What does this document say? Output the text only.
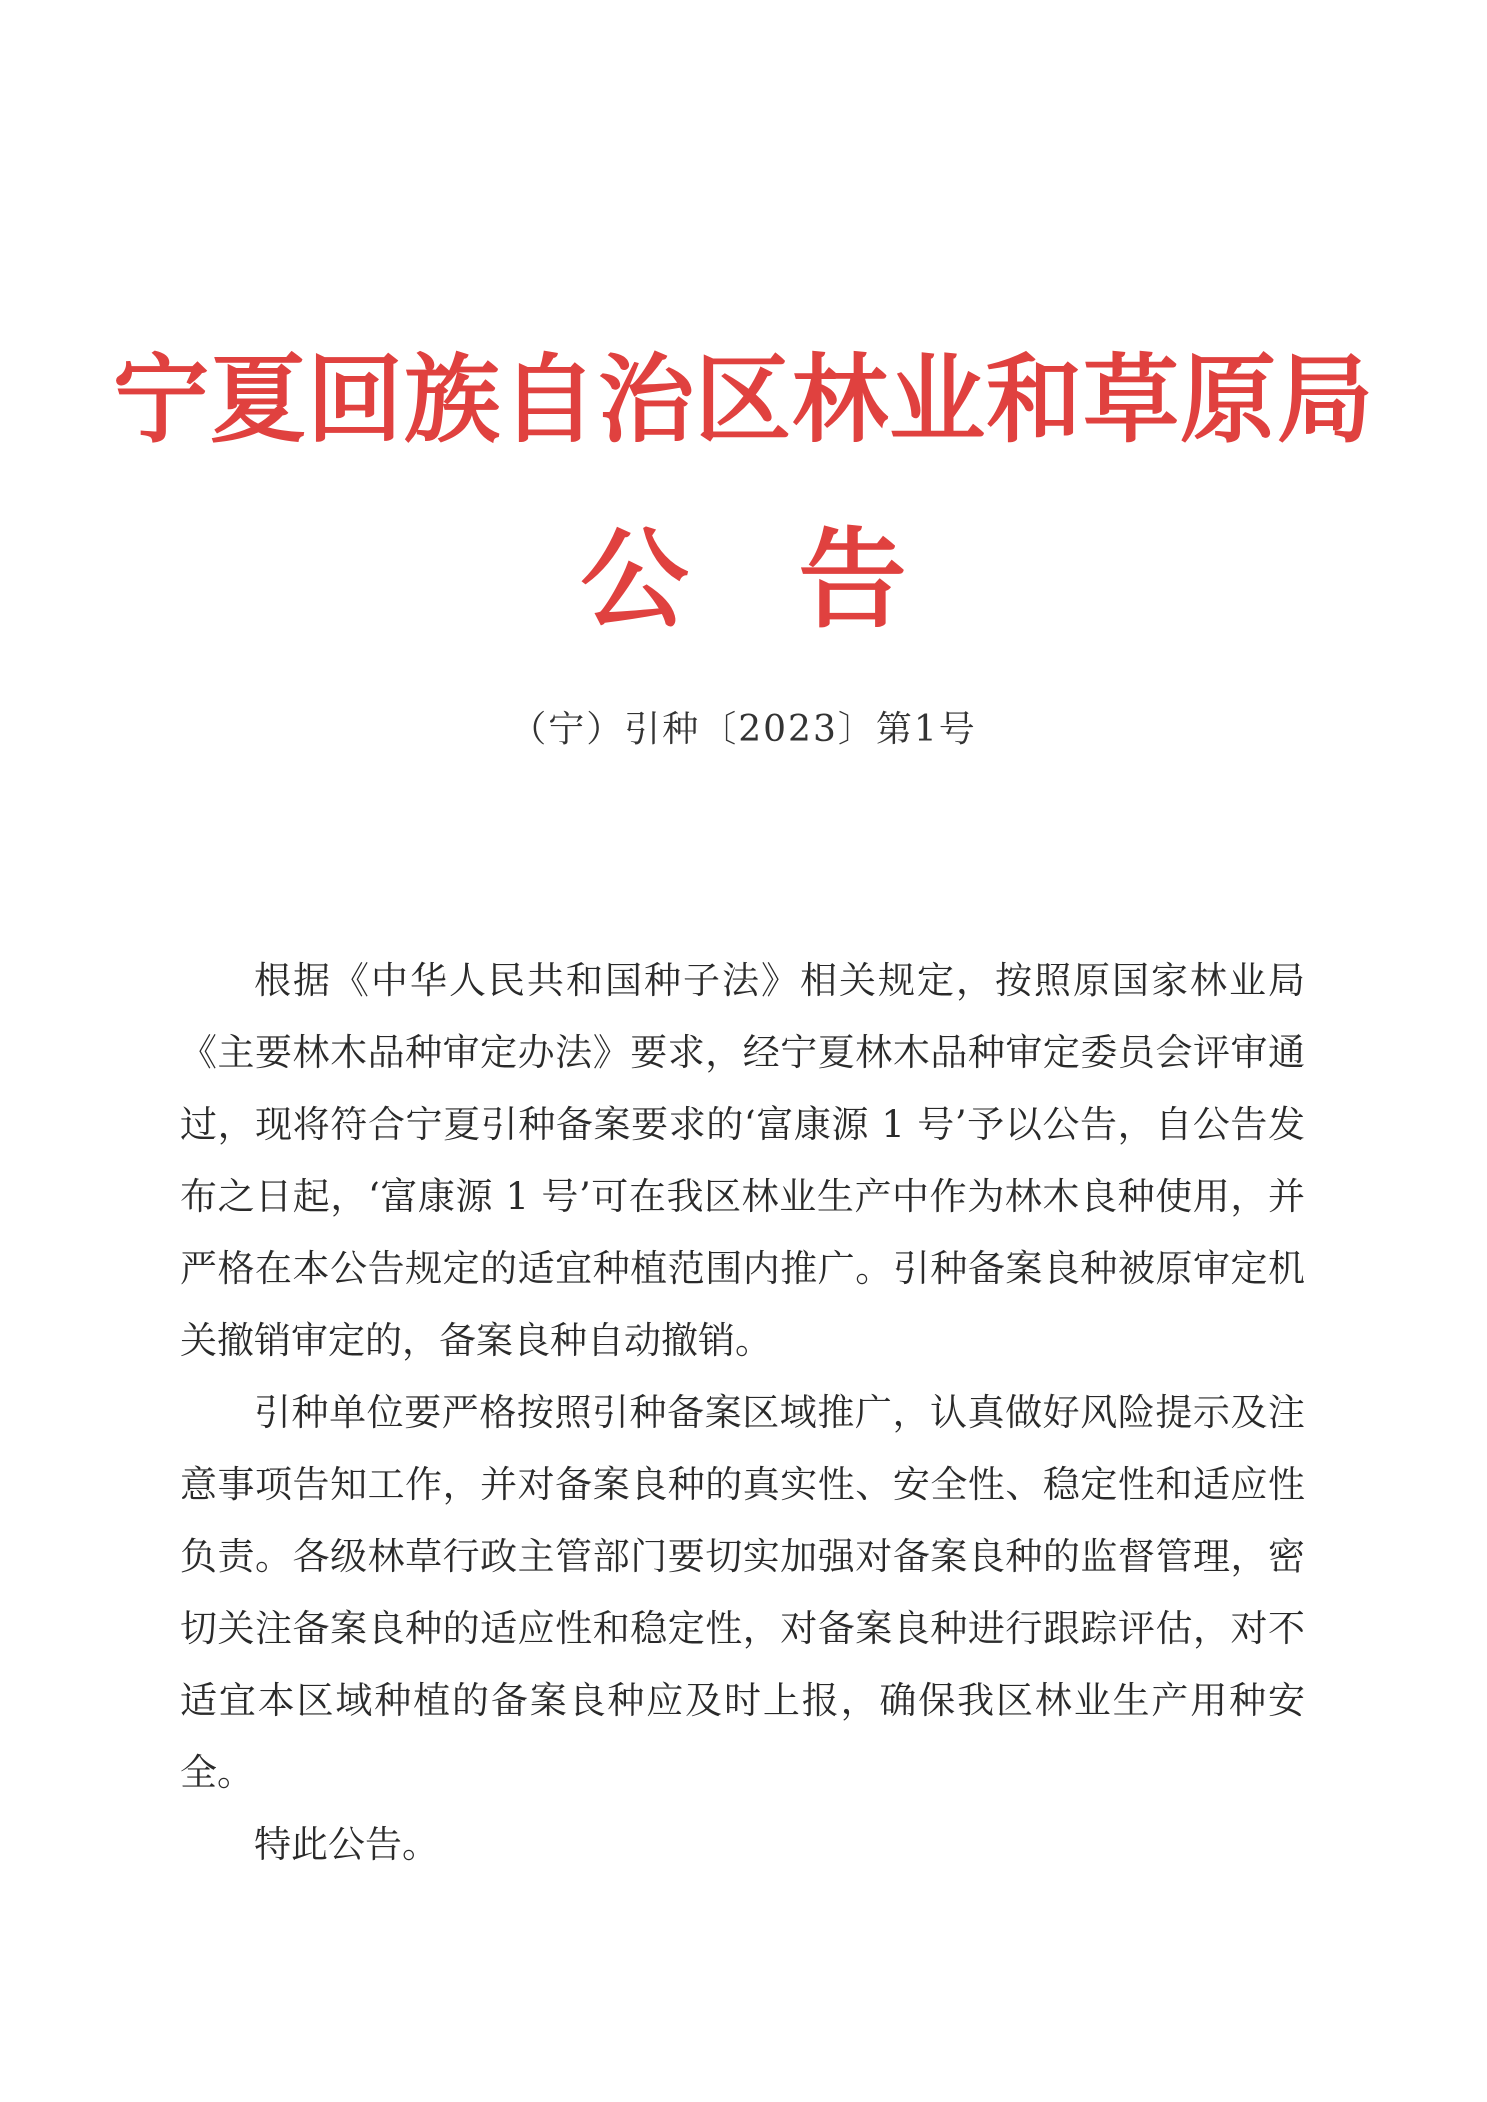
宁夏回族自治区林业和草原局
公告
（宁）引种〔2023〕第1号

根据《中华人民共和国种子法》相关规定，按照原国家林业局《主要林木品种审定办法》要求，经宁夏林木品种审定委员会评审通过，现将符合宁夏引种备案要求的‘富康源 1 号’予以公告，自公告发布之日起，‘富康源 1 号’可在我区林业生产中作为林木良种使用，并严格在本公告规定的适宜种植范围内推广。引种备案良种被原审定机关撤销审定的，备案良种自动撤销。

引种单位要严格按照引种备案区域推广，认真做好风险提示及注意事项告知工作，并对备案良种的真实性、安全性、稳定性和适应性负责。各级林草行政主管部门要切实加强对备案良种的监督管理，密切关注备案良种的适应性和稳定性，对备案良种进行跟踪评估，对不适宜本区域种植的备案良种应及时上报，确保我区林业生产用种安全。

特此公告。
